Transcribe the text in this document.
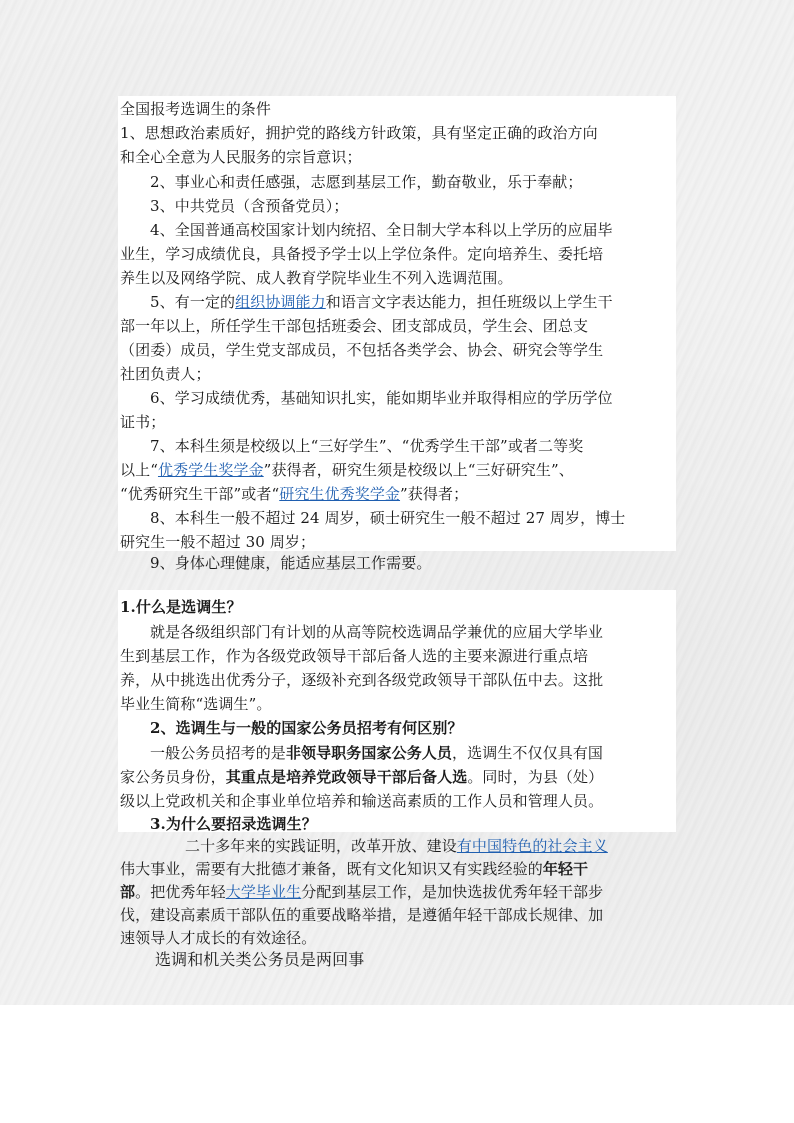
全国报考选调生的条件
1、思想政治素质好，拥护党的路线方针政策，具有坚定正确的政治方向
和全心全意为人民服务的宗旨意识；
2、事业心和责任感强，志愿到基层工作，勤奋敬业，乐于奉献；
3、中共党员（含预备党员）；
4、全国普通高校国家计划内统招、全日制大学本科以上学历的应届毕
业生，学习成绩优良，具备授予学士以上学位条件。定向培养生、委托培
养生以及网络学院、成人教育学院毕业生不列入选调范围。
5、有一定的组织协调能力和语言文字表达能力，担任班级以上学生干
部一年以上，所任学生干部包括班委会、团支部成员，学生会、团总支
（团委）成员，学生党支部成员，不包括各类学会、协会、研究会等学生
社团负责人；
6、学习成绩优秀，基础知识扎实，能如期毕业并取得相应的学历学位
证书；
7、本科生须是校级以上“三好学生”、“优秀学生干部”或者二等奖
以上“优秀学生奖学金”获得者，研究生须是校级以上“三好研究生”、
“优秀研究生干部”或者“研究生优秀奖学金”获得者；
8、本科生一般不超过 24 周岁，硕士研究生一般不超过 27 周岁，博士
研究生一般不超过 30 周岁；
9、身体心理健康，能适应基层工作需要。
1.什么是选调生？
就是各级组织部门有计划的从高等院校选调品学兼优的应届大学毕业
生到基层工作，作为各级党政领导干部后备人选的主要来源进行重点培
养，从中挑选出优秀分子，逐级补充到各级党政领导干部队伍中去。这批
毕业生简称“选调生”。
2、选调生与一般的国家公务员招考有何区别？
一般公务员招考的是非领导职务国家公务人员，选调生不仅仅具有国
家公务员身份，其重点是培养党政领导干部后备人选。同时，为县（处）
级以上党政机关和企事业单位培养和输送高素质的工作人员和管理人员。
3.为什么要招录选调生？
二十多年来的实践证明，改革开放、建设有中国特色的社会主义
伟大事业，需要有大批德才兼备，既有文化知识又有实践经验的年轻干
部。把优秀年轻大学毕业生分配到基层工作，是加快选拔优秀年轻干部步
伐，建设高素质干部队伍的重要战略举措，是遵循年轻干部成长规律、加
速领导人才成长的有效途径。
选调和机关类公务员是两回事
